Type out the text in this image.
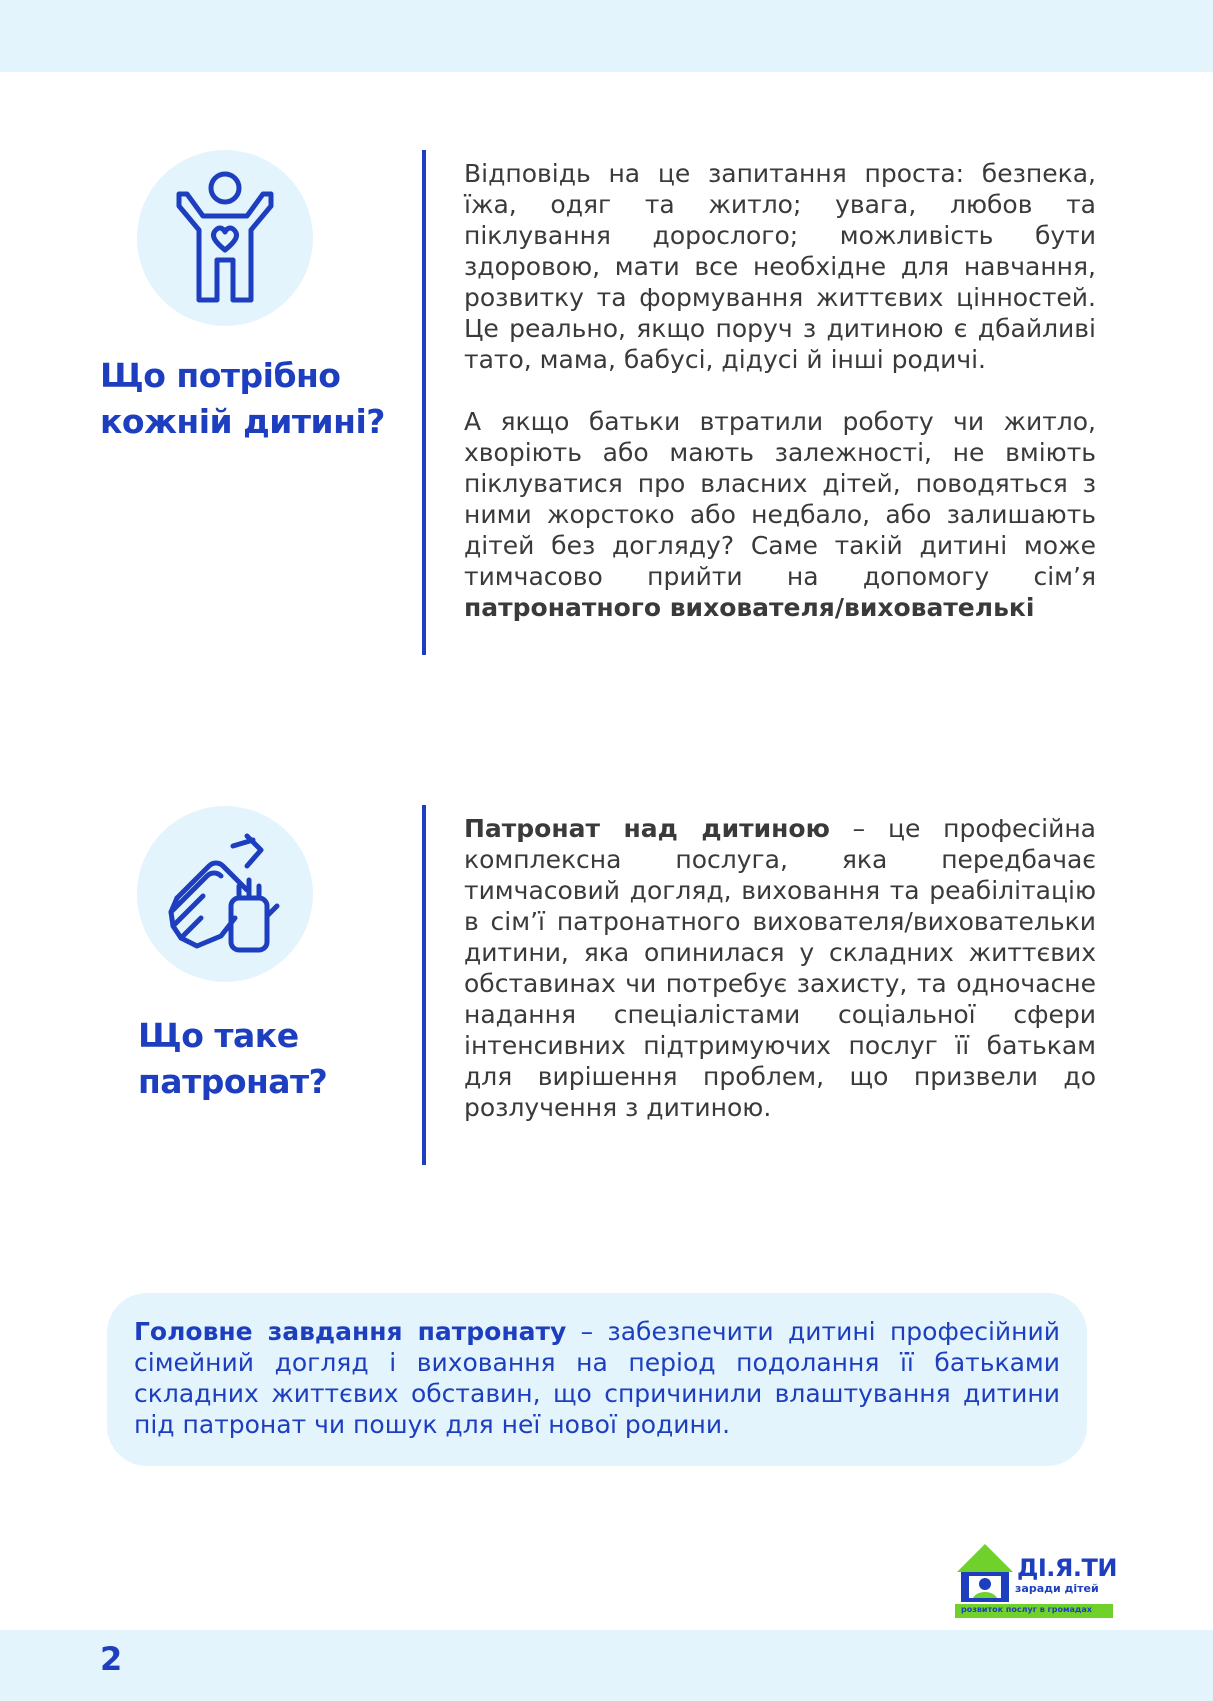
Що потрібно
кожній дитині?

Відповідь на це запитання проста: безпека, їжа, одяг та житло; увага, любов та піклування дорослого; можливість бути здоровою, мати все необхідне для навчання, розвитку та формування життєвих цінностей. Це реально, якщо поруч з дитиною є дбайливі тато, мама, бабусі, дідусі й інші родичі.

А якщо батьки втратили роботу чи житло, хворіють або мають залежності, не вміють піклуватися про власних дітей, поводяться з ними жорстоко або недбало, або залишають дітей без догляду? Саме такій дитині може тимчасово прийти на допомогу сім’я патронатного вихователя/вихователькі

Що таке
патронат?

Патронат над дитиною – це професійна комплексна послуга, яка передбачає тимчасовий догляд, виховання та реабілітацію в сім’ї патронатного вихователя/виховательки дитини, яка опинилася у складних життєвих обставинах чи потребує захисту, та одночасне надання спеціалістами соціальної сфери інтенсивних підтримуючих послуг її батькам для вирішення проблем, що призвели до розлучення з дитиною.

Головне завдання патронату – забезпечити дитині професійний сімейний догляд і виховання на період подолання її батьками складних життєвих обставин, що спричинили влаштування дитини під патронат чи пошук для неї нової родини.

2
ДІ.Я.ТИ
заради дітей
розвиток послуг в громадах
